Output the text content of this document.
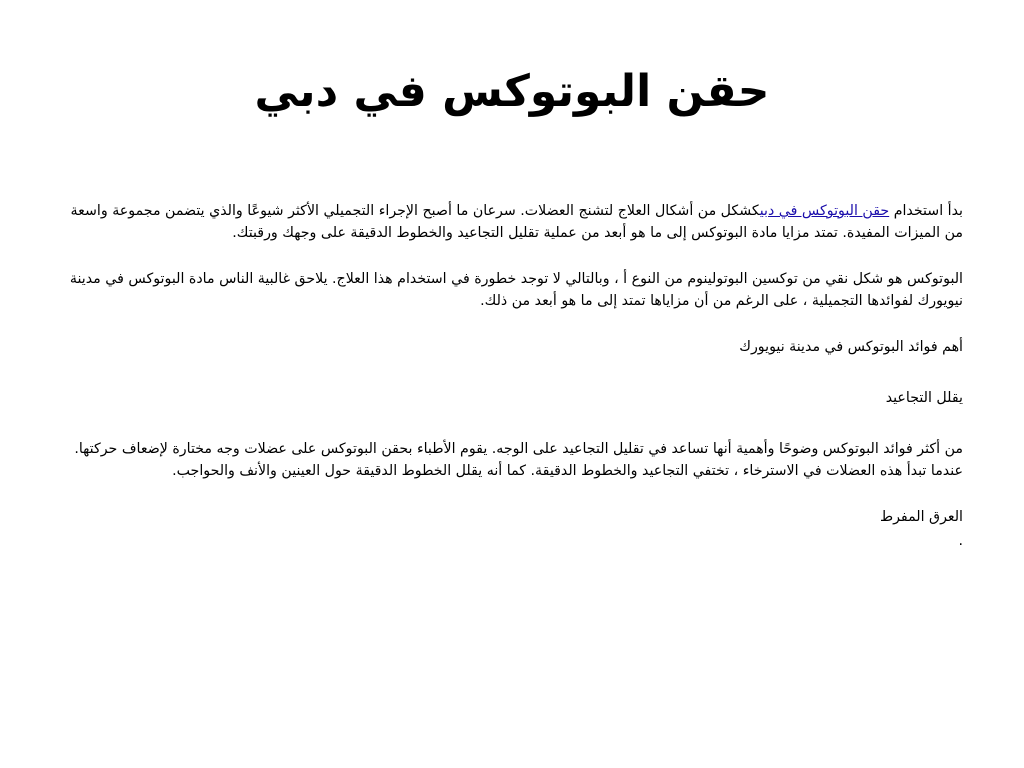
حقن البوتوكس في دبي

بدأ استخدام حقن البوتوكس في دبيكشكل من أشكال العلاج لتشنج العضلات. سرعان ما أصبح الإجراء التجميلي الأكثر شيوعًا والذي يتضمن مجموعة واسعة من الميزات المفيدة. تمتد مزايا مادة البوتوكس إلى ما هو أبعد من عملية تقليل التجاعيد والخطوط الدقيقة على وجهك ورقبتك.

البوتوكس هو شكل نقي من توكسين البوتولينوم من النوع أ ، وبالتالي لا توجد خطورة في استخدام هذا العلاج. يلاحق غالبية الناس مادة البوتوكس في مدينة نيويورك لفوائدها التجميلية ، على الرغم من أن مزاياها تمتد إلى ما هو أبعد من ذلك.

أهم فوائد البوتوكس في مدينة نيويورك

يقلل التجاعيد

من أكثر فوائد البوتوكس وضوحًا وأهمية أنها تساعد في تقليل التجاعيد على الوجه. يقوم الأطباء بحقن البوتوكس على عضلات وجه مختارة لإضعاف حركتها. عندما تبدأ هذه العضلات في الاسترخاء ، تختفي التجاعيد والخطوط الدقيقة. كما أنه يقلل الخطوط الدقيقة حول العينين والأنف والحواجب.

العرق المفرط

.
